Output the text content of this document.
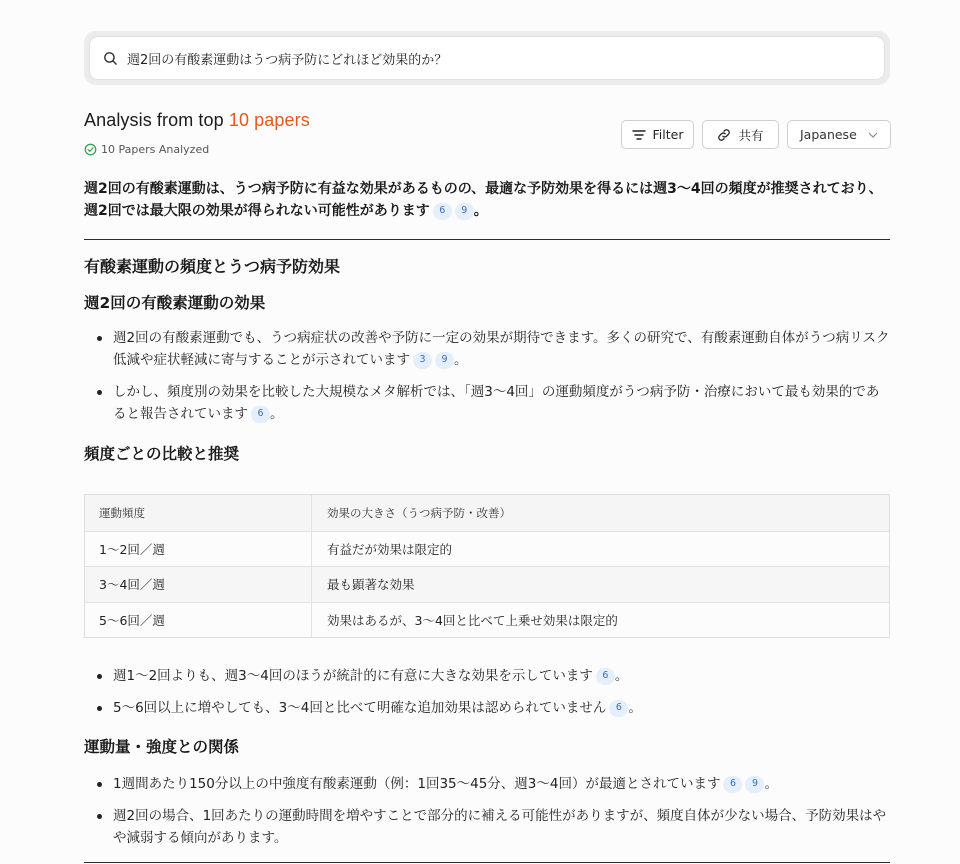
週2回の有酸素運動はうつ病予防にどれほど効果的か？
Analysis from top 10 papers
10 Papers Analyzed
Filter	共有	Japanese
週2回の有酸素運動は、うつ病予防に有益な効果があるものの、最適な予防効果を得るには週3〜4回の頻度が推奨されており、週2回では最大限の効果が得られない可能性があります 6 9 。
有酸素運動の頻度とうつ病予防効果
週2回の有酸素運動の効果
週2回の有酸素運動でも、うつ病症状の改善や予防に一定の効果が期待できます。多くの研究で、有酸素運動自体がうつ病リスク低減や症状軽減に寄与することが示されています 3 9 。
しかし、頻度別の効果を比較した大規模なメタ解析では、「週3〜4回」の運動頻度がうつ病予防・治療において最も効果的であると報告されています 6 。
頻度ごとの比較と推奨
運動頻度	効果の大きさ（うつ病予防・改善）
1〜2回／週	有益だが効果は限定的
3〜4回／週	最も顕著な効果
5〜6回／週	効果はあるが、3〜4回と比べて上乗せ効果は限定的
週1〜2回よりも、週3〜4回のほうが統計的に有意に大きな効果を示しています 6 。
5〜6回以上に増やしても、3〜4回と比べて明確な追加効果は認められていません 6 。
運動量・強度との関係
1週間あたり150分以上の中強度有酸素運動（例：1回35〜45分、週3〜4回）が最適とされています 6 9 。
週2回の場合、1回あたりの運動時間を増やすことで部分的に補える可能性がありますが、頻度自体が少ない場合、予防効果はやや減弱する傾向があります。
